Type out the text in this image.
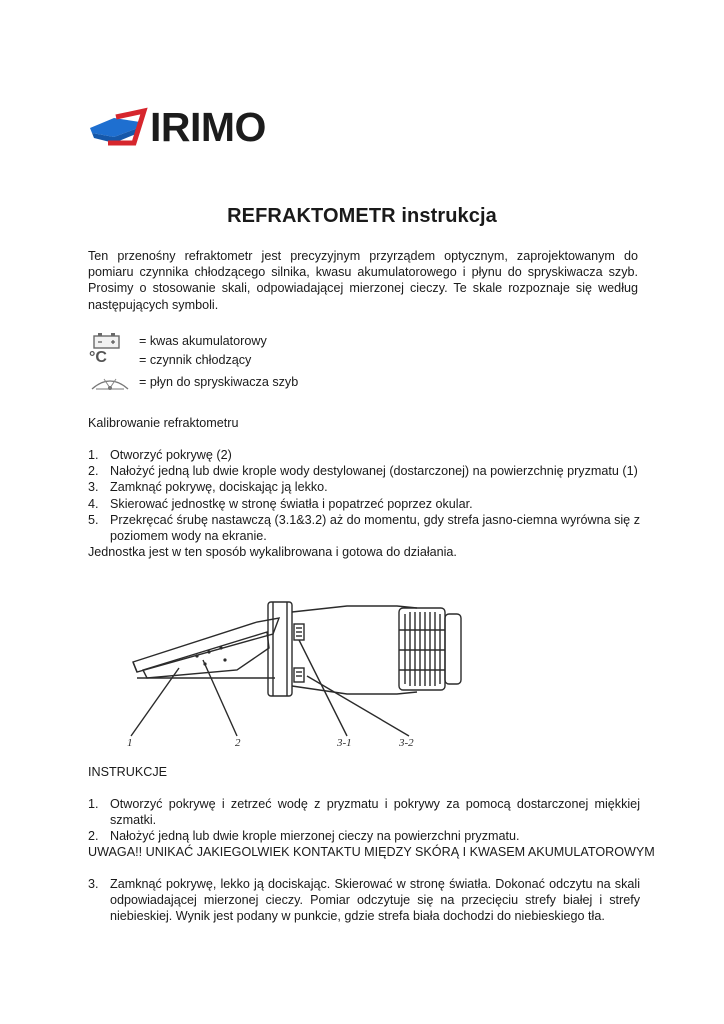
IRIMO
REFRAKTOMETR instrukcja

Ten przenośny refraktometr jest precyzyjnym przyrządem optycznym, zaprojektowanym do pomiaru czynnika chłodzącego silnika, kwasu akumulatorowego i płynu do spryskiwacza szyb. Prosimy o stosowanie skali, odpowiadającej mierzonej cieczy. Te skale rozpoznaje się według następujących symboli.

= kwas akumulatorowy
°C	= czynnik chłodzący
= płyn do spryskiwacza szyb
Kalibrowanie refraktometru
1. Otworzyć pokrywę (2)
2. Nałożyć jedną lub dwie krople wody destylowanej (dostarczonej) na powierzchnię pryzmatu (1)
3. Zamknąć pokrywę, dociskając ją lekko.
4. Skierować jednostkę w stronę światła i popatrzeć poprzez okular.
5. Przekręcać śrubę nastawczą (3.1&3.2) aż do momentu, gdy strefa jasno-ciemna wyrówna się z poziomem wody na ekranie.
Jednostka jest w ten sposób wykalibrowana i gotowa do działania.
1	2	3-1	3-2
INSTRUKCJE
1. Otworzyć pokrywę i zetrzeć wodę z pryzmatu i pokrywy za pomocą dostarczonej miękkiej szmatki.
2. Nałożyć jedną lub dwie krople mierzonej cieczy na powierzchni pryzmatu.
UWAGA!! UNIKAĆ JAKIEGOLWIEK KONTAKTU MIĘDZY SKÓRĄ I KWASEM AKUMULATOROWYM
3. Zamknąć pokrywę, lekko ją dociskając. Skierować w stronę światła. Dokonać odczytu na skali odpowiadającej mierzonej cieczy. Pomiar odczytuje się na przecięciu strefy białej i strefy niebieskiej. Wynik jest podany w punkcie, gdzie strefa biała dochodzi do niebieskiego tła.
